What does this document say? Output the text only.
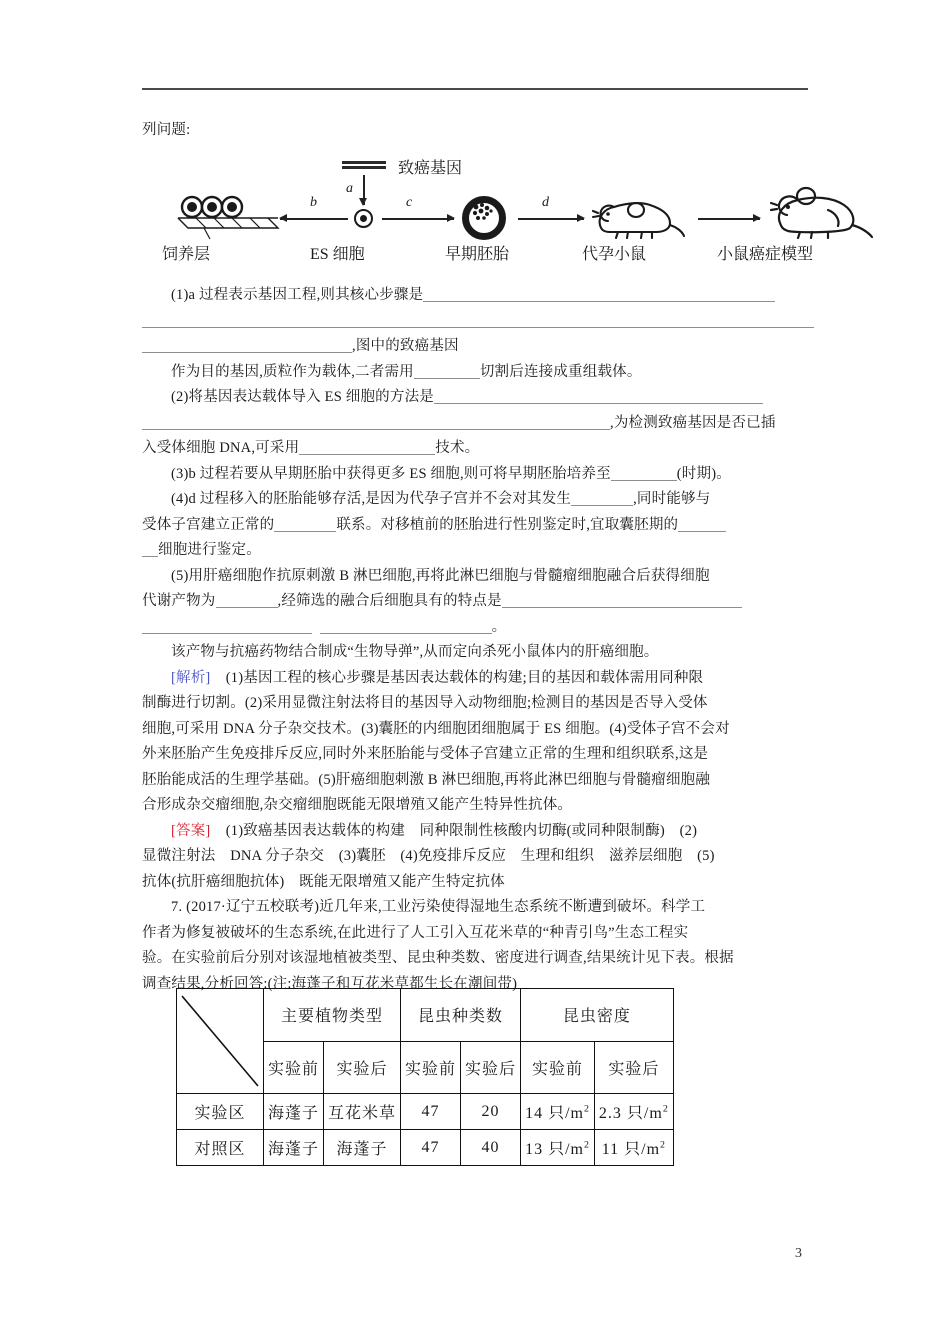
列问题:
致癌基因
a
b	c	d
饲养层	ES 细胞	早期胚胎	代孕小鼠	小鼠癌症模型
(1)a 过程表示基因工程,则其核心步骤是
,图中的致癌基因
作为目的基因,质粒作为载体,二者需用	切割后连接成重组载体。
(2)将基因表达载体导入 ES 细胞的方法是
,为检测致癌基因是否已插
入受体细胞 DNA,可采用	技术。
(3)b 过程若要从早期胚胎中获得更多 ES 细胞,则可将早期胚胎培养至	(时期)。
(4)d 过程移入的胚胎能够存活,是因为代孕子宫并不会对其发生	,同时能够与
受体子宫建立正常的	联系。对移植前的胚胎进行性别鉴定时,宜取囊胚期的
细胞进行鉴定。
(5)用肝癌细胞作抗原刺激 B 淋巴细胞,再将此淋巴细胞与骨髓瘤细胞融合后获得细胞
代谢产物为	,经筛选的融合后细胞具有的特点是
。
该产物与抗癌药物结合制成“生物导弹”,从而定向杀死小鼠体内的肝癌细胞。
[解析] (1)基因工程的核心步骤是基因表达载体的构建;目的基因和载体需用同种限
制酶进行切割。(2)采用显微注射法将目的基因导入动物细胞;检测目的基因是否导入受体
细胞,可采用 DNA 分子杂交技术。(3)囊胚的内细胞团细胞属于 ES 细胞。(4)受体子宫不会对
外来胚胎产生免疫排斥反应,同时外来胚胎能与受体子宫建立正常的生理和组织联系,这是
胚胎能成活的生理学基础。(5)肝癌细胞刺激 B 淋巴细胞,再将此淋巴细胞与骨髓瘤细胞融
合形成杂交瘤细胞,杂交瘤细胞既能无限增殖又能产生特异性抗体。
[答案] (1)致癌基因表达载体的构建　同种限制性核酸内切酶(或同种限制酶)　(2)
显微注射法　DNA 分子杂交　(3)囊胚　(4)免疫排斥反应　生理和组织　滋养层细胞　(5)
抗体(抗肝癌细胞抗体)　既能无限增殖又能产生特定抗体
7. (2017·辽宁五校联考)近几年来,工业污染使得湿地生态系统不断遭到破坏。科学工
作者为修复被破坏的生态系统,在此进行了人工引入互花米草的“种青引鸟”生态工程实
验。在实验前后分别对该湿地植被类型、昆虫种类数、密度进行调查,结果统计见下表。根据
调查结果,分析回答:(注:海蓬子和互花米草都生长在潮间带)
	主要植物类型		昆虫种类数		昆虫密度	
	实验前	实验后	实验前	实验后	实验前	实验后
实验区	海蓬子	互花米草	47	20	14 只$/m^2$	2.3 只$/m^2$
对照区	海蓬子	海蓬子	47	40	13 只$/m^2$	11 只$/m^2$
3
